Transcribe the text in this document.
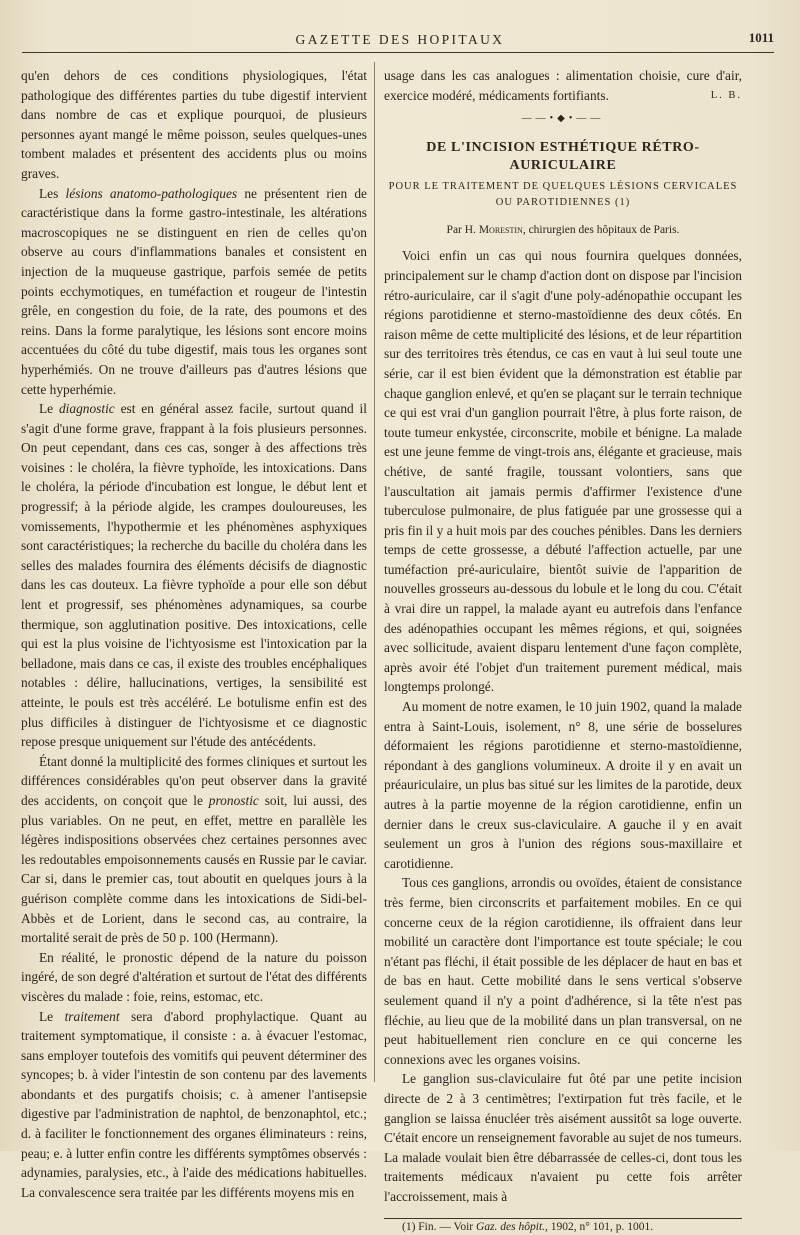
GAZETTE DES HOPITAUX	1011

qu'en dehors de ces conditions physiologiques, l'état pathologique des différentes parties du tube digestif intervient dans nombre de cas et explique pourquoi, de plusieurs personnes ayant mangé le même poisson, seules quelques-unes tombent malades et présentent des accidents plus ou moins graves.

Les lésions anatomo-pathologiques ne présentent rien de caractéristique dans la forme gastro-intestinale, les altérations macroscopiques ne se distinguent en rien de celles qu'on observe au cours d'inflammations banales et consistent en injection de la muqueuse gastrique, parfois semée de petits points ecchymotiques, en tuméfaction et rougeur de l'intestin grêle, en congestion du foie, de la rate, des poumons et des reins. Dans la forme paralytique, les lésions sont encore moins accentuées du côté du tube digestif, mais tous les organes sont hyperhémiés. On ne trouve d'ailleurs pas d'autres lésions que cette hyperhémie.

Le diagnostic est en général assez facile, surtout quand il s'agit d'une forme grave, frappant à la fois plusieurs personnes. On peut cependant, dans ces cas, songer à des affections très voisines : le choléra, la fièvre typhoïde, les intoxications. Dans le choléra, la période d'incubation est longue, le début lent et progressif; à la période algide, les crampes douloureuses, les vomissements, l'hypothermie et les phénomènes asphyxiques sont caractéristiques; la recherche du bacille du choléra dans les selles des malades fournira des éléments décisifs de diagnostic dans les cas douteux. La fièvre typhoïde a pour elle son début lent et progressif, ses phénomènes adynamiques, sa courbe thermique, son agglutination positive. Des intoxications, celle qui est la plus voisine de l'ichtyosisme est l'intoxication par la belladone, mais dans ce cas, il existe des troubles encéphaliques notables : délire, hallucinations, vertiges, la sensibilité est atteinte, le pouls est très accéléré. Le botulisme enfin est des plus difficiles à distinguer de l'ichtyosisme et ce diagnostic repose presque uniquement sur l'étude des antécédents.

Étant donné la multiplicité des formes cliniques et surtout les différences considérables qu'on peut observer dans la gravité des accidents, on conçoit que le pronostic soit, lui aussi, des plus variables. On ne peut, en effet, mettre en parallèle les légères indispositions observées chez certaines personnes avec les redoutables empoisonnements causés en Russie par le caviar. Car si, dans le premier cas, tout aboutit en quelques jours à la guérison complète comme dans les intoxications de Sidi-bel-Abbès et de Lorient, dans le second cas, au contraire, la mortalité serait de près de 50 p. 100 (Hermann).

En réalité, le pronostic dépend de la nature du poisson ingéré, de son degré d'altération et surtout de l'état des différents viscères du malade : foie, reins, estomac, etc.

Le traitement sera d'abord prophylactique. Quant au traitement symptomatique, il consiste : a. à évacuer l'estomac, sans employer toutefois des vomitifs qui peuvent déterminer des syncopes; b. à vider l'intestin de son contenu par des lavements abondants et des purgatifs choisis; c. à amener l'antisepsie digestive par l'administration de naphtol, de benzonaphtol, etc.; d. à faciliter le fonctionnement des organes éliminateurs : reins, peau; e. à lutter enfin contre les différents symptômes observés : adynamies, paralysies, etc., à l'aide des médications habituelles. La convalescence sera traitée par les différents moyens mis en

usage dans les cas analogues : alimentation choisie, cure d'air, exercice modéré, médicaments fortifiants.	L. B.

——•◆•——
DE L'INCISION ESTHÉTIQUE RÉTRO-AURICULAIRE
POUR LE TRAITEMENT DE QUELQUES LÉSIONS CERVICALES
OU PAROTIDIENNES (1)
Par H. Morestin, chirurgien des hôpitaux de Paris.

Voici enfin un cas qui nous fournira quelques données, principalement sur le champ d'action dont on dispose par l'incision rétro-auriculaire, car il s'agit d'une poly-adénopathie occupant les régions parotidienne et sterno-mastoïdienne des deux côtés. En raison même de cette multiplicité des lésions, et de leur répartition sur des territoires très étendus, ce cas en vaut à lui seul toute une série, car il est bien évident que la démonstration est établie par chaque ganglion enlevé, et qu'en se plaçant sur le terrain technique ce qui est vrai d'un ganglion pourrait l'être, à plus forte raison, de toute tumeur enkystée, circonscrite, mobile et bénigne. La malade est une jeune femme de vingt-trois ans, élégante et gracieuse, mais chétive, de santé fragile, toussant volontiers, sans que l'auscultation ait jamais permis d'affirmer l'existence d'une tuberculose pulmonaire, de plus fatiguée par une grossesse qui a pris fin il y a huit mois par des couches pénibles. Dans les derniers temps de cette grossesse, a débuté l'affection actuelle, par une tuméfaction pré-auriculaire, bientôt suivie de l'apparition de nouvelles grosseurs au-dessous du lobule et le long du cou. C'était à vrai dire un rappel, la malade ayant eu autrefois dans l'enfance des adénopathies occupant les mêmes régions, et qui, soignées avec sollicitude, avaient disparu lentement d'une façon complète, après avoir été l'objet d'un traitement purement médical, mais longtemps prolongé.

Au moment de notre examen, le 10 juin 1902, quand la malade entra à Saint-Louis, isolement, n° 8, une série de bosselures déformaient les régions parotidienne et sterno-mastoïdienne, répondant à des ganglions volumineux. A droite il y en avait un préauriculaire, un plus bas situé sur les limites de la parotide, deux autres à la partie moyenne de la région carotidienne, enfin un dernier dans le creux sus-claviculaire. A gauche il y en avait seulement un gros à l'union des régions sous-maxillaire et carotidienne.

Tous ces ganglions, arrondis ou ovoïdes, étaient de consistance très ferme, bien circonscrits et parfaitement mobiles. En ce qui concerne ceux de la région carotidienne, ils offraient dans leur mobilité un caractère dont l'importance est toute spéciale; le cou n'étant pas fléchi, il était possible de les déplacer de haut en bas et de bas en haut. Cette mobilité dans le sens vertical s'observe seulement quand il n'y a point d'adhérence, si la tête n'est pas fléchie, au lieu que de la mobilité dans un plan transversal, on ne peut habituellement rien conclure en ce qui concerne les connexions avec les organes voisins.

Le ganglion sus-claviculaire fut ôté par une petite incision directe de 2 à 3 centimètres; l'extirpation fut très facile, et le ganglion se laissa énucléer très aisément aussitôt sa loge ouverte. C'était encore un renseignement favorable au sujet de nos tumeurs. La malade voulait bien être débarrassée de celles-ci, dont tous les traitements médicaux n'avaient pu cette fois arrêter l'accroissement, mais à

(1) Fin. — Voir Gaz. des hôpit., 1902, n° 101, p. 1001.
